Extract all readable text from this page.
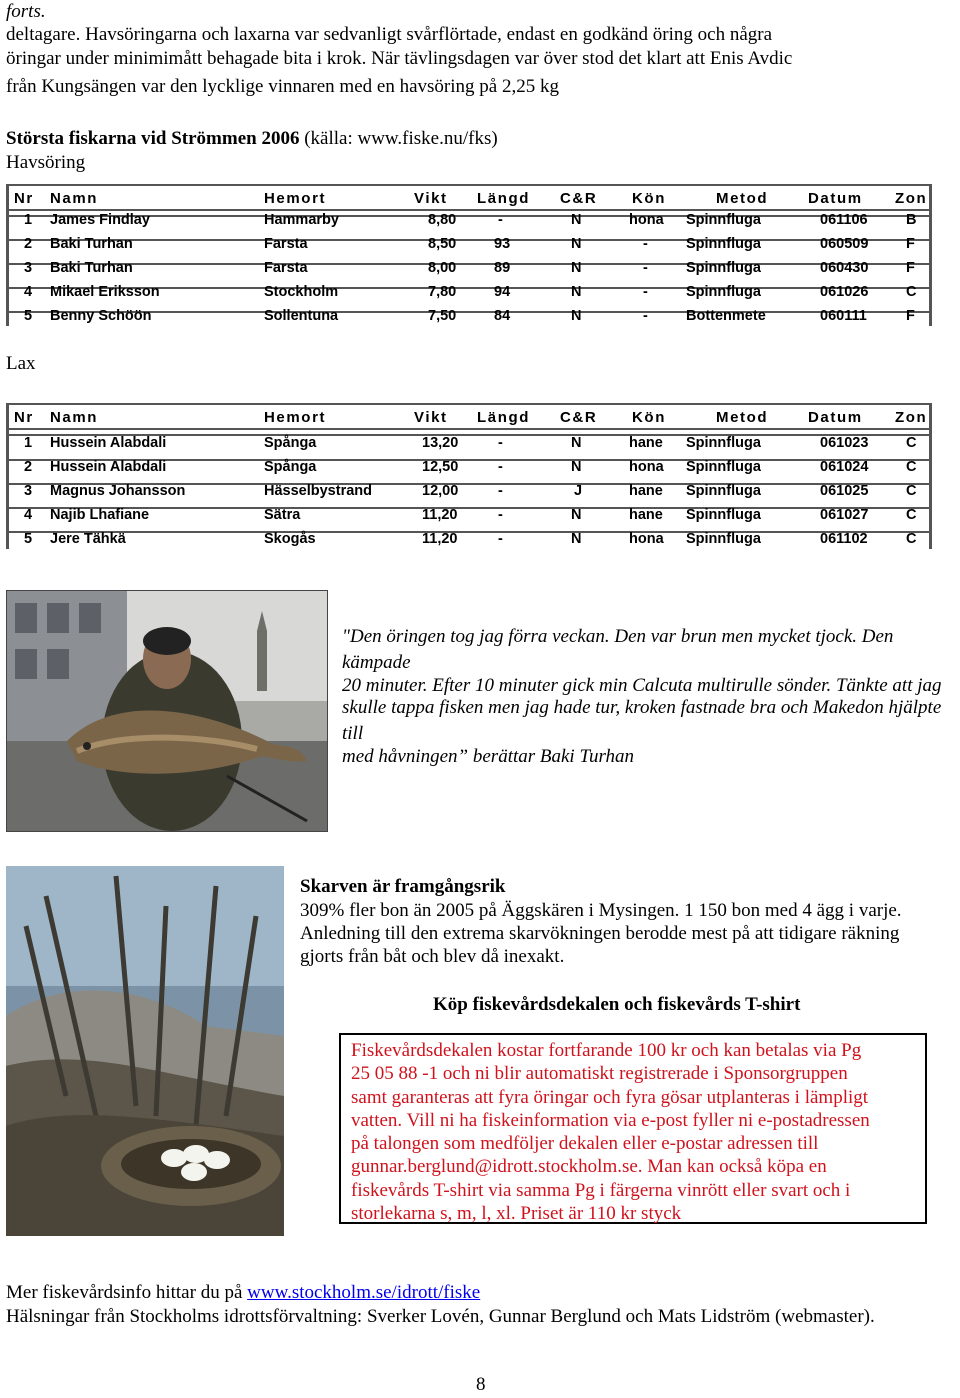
forts.
deltagare. Havsöringarna och laxarna var sedvanligt svårflörtade, endast en godkänd öring och några
öringar under minimimått behagade bita i krok. När tävlingsdagen var över stod det klart att Enis Avdic
från Kungsängen var den lycklige vinnaren med en havsöring på 2,25 kg
Största fiskarna vid Strömmen 2006 (källa: www.fiske.nu/fks)
Havsöring
Nr Namn	Hemort	Vikt Längd C&R Kön	Metod	Datum Zon
1 James Findlay	Hammarby	8,80	-	N	hona Spinnfluga	061106	B
2 Baki Turhan	Farsta	8,50	93	N	-	Spinnfluga	060509	F
3 Baki Turhan	Farsta	8,00	89	N	-	Spinnfluga	060430	F
4 Mikael Eriksson	Stockholm	7,80	94	N	-	Spinnfluga	061026	C
5 Benny Schöön	Sollentuna	7,50	84	N	-	Bottenmete	060111	F
Lax
Nr Namn	Hemort	Vikt Längd C&R Kön	Metod	Datum Zon
1 Hussein Alabdali	Spånga	13,20	-	N	hane Spinnfluga	061023	C
2 Hussein Alabdali	Spånga	12,50	-	N	hona Spinnfluga	061024	C
3 Magnus Johansson	Hässelbystrand	12,00	-	J	hane Spinnfluga	061025	C
4 Najib Lhafiane	Sätra	11,20	-	N	hane Spinnfluga	061027	C
5 Jere Tähkä	Skogås	11,20	-	N	hona Spinnfluga	061102	C
"Den öringen tog jag förra veckan. Den var brun men mycket tjock. Den kämpade
20 minuter. Efter 10 minuter gick min Calcuta multirulle sönder. Tänkte att jag
skulle tappa fisken men jag hade tur, kroken fastnade bra och Makedon hjälpte till
med håvningen” berättar Baki Turhan
Skarven är framgångsrik
309% fler bon än 2005 på Äggskären i Mysingen. 1 150 bon med 4 ägg i varje.
Anledning till den extrema skarvökningen berodde mest på att tidigare räkning
gjorts från båt och blev då inexakt.
Köp fiskevårdsdekalen och fiskevårds T-shirt
Fiskevårdsdekalen kostar fortfarande 100 kr och kan betalas via Pg
25 05 88 -1 och ni blir automatiskt registrerade i Sponsorgruppen
samt garanteras att fyra öringar och fyra gösar utplanteras i lämpligt
vatten. Vill ni ha fiskeinformation via e-post fyller ni e-postadressen
på talongen som medföljer dekalen eller e-postar adressen till
gunnar.berglund@idrott.stockholm.se. Man kan också köpa en
fiskevårds T-shirt via samma Pg i färgerna vinrött eller svart och i
storlekarna s, m, l, xl. Priset är 110 kr styck
Mer fiskevårdsinfo hittar du på www.stockholm.se/idrott/fiske
Hälsningar från Stockholms idrottsförvaltning: Sverker Lovén, Gunnar Berglund och Mats Lidström (webmaster).
8
